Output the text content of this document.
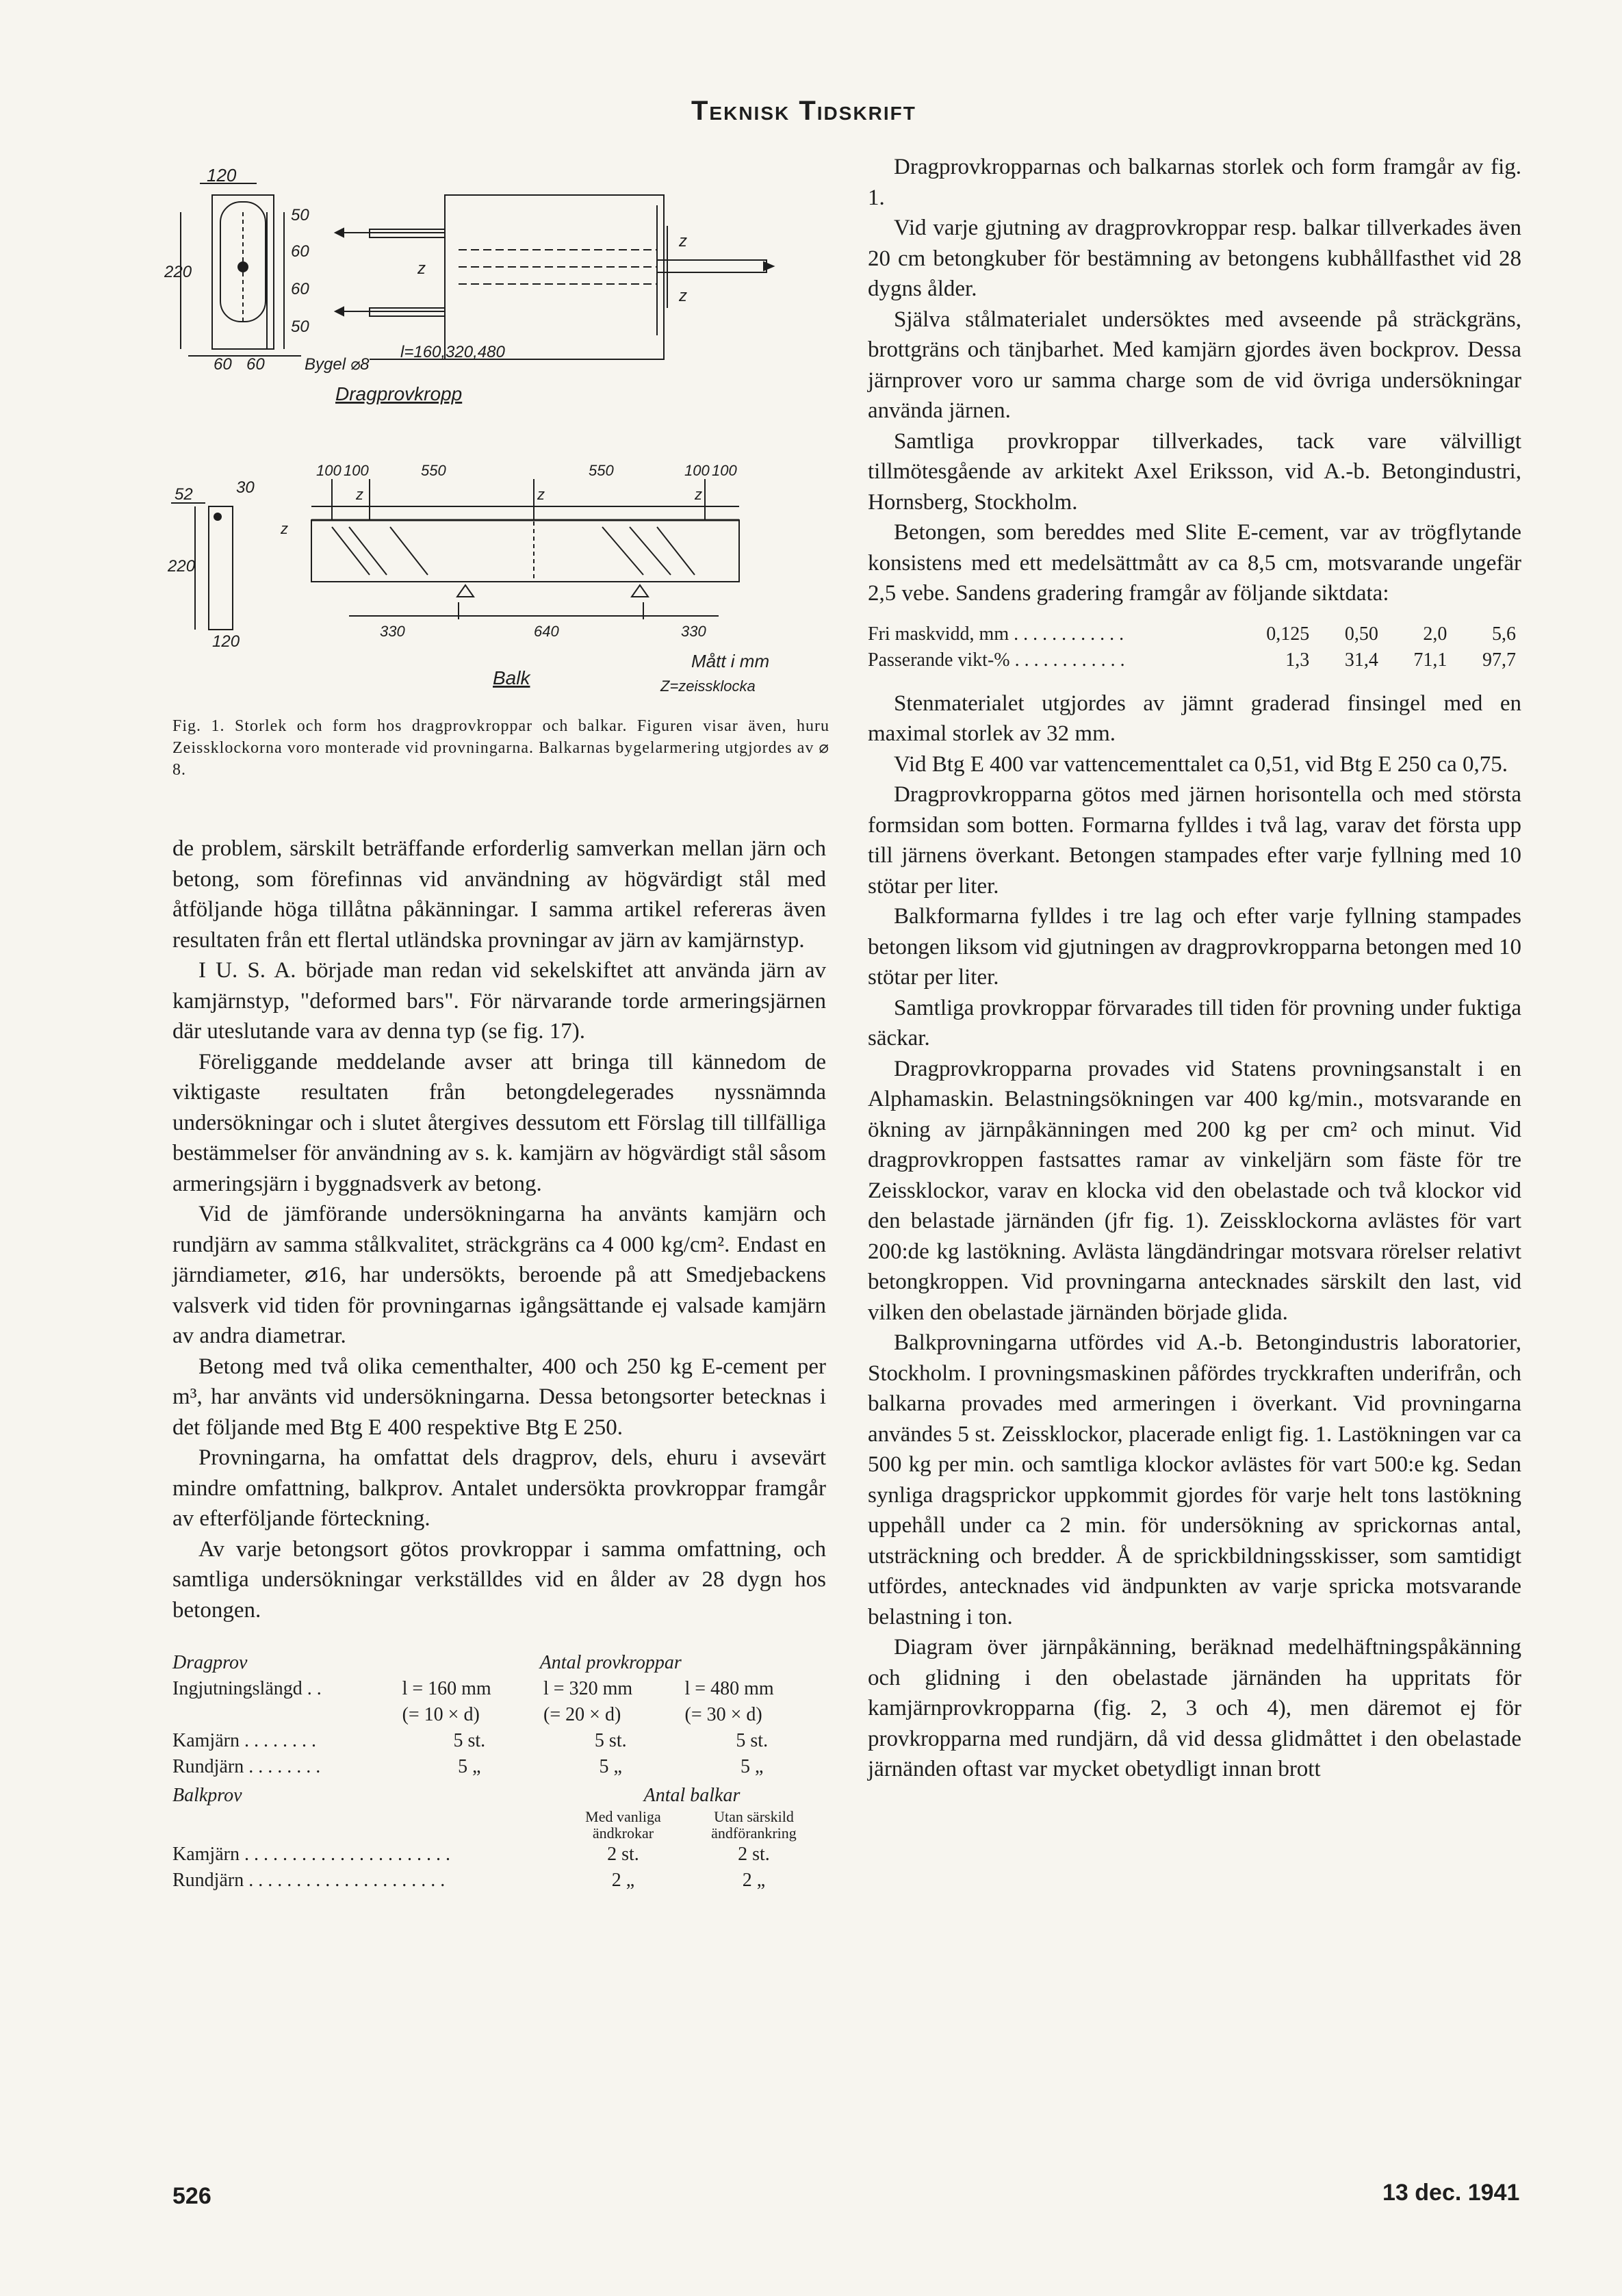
Teknisk Tidskrift
120
50
60
60
50
220
60 60 Bygel ⌀8
z
z
z
l=160,320,480
Dragprovkropp
52	30
220
120
100 100	550	550	100 100
z	z	z
z
330	640	330
Balk
Mått i mm
Z=zeissklocka
Fig. 1. Storlek och form hos dragprovkroppar och balkar. Figuren visar även, huru Zeissklockorna voro monterade vid provningarna. Balkarnas bygelarmering utgjordes av ⌀ 8.

de problem, särskilt beträffande erforderlig samverkan mellan järn och betong, som förefinnas vid användning av högvärdigt stål med åtföljande höga tillåtna påkänningar. I samma artikel refereras även resultaten från ett flertal utländska provningar av järn av kamjärnstyp.

I U. S. A. började man redan vid sekelskiftet att använda järn av kamjärnstyp, "deformed bars". För närvarande torde armeringsjärnen där uteslutande vara av denna typ (se fig. 17).

Föreliggande meddelande avser att bringa till kännedom de viktigaste resultaten från betongdelegerades nyssnämnda undersökningar och i slutet återgives dessutom ett Förslag till tillfälliga bestämmelser för användning av s. k. kamjärn av högvärdigt stål såsom armeringsjärn i byggnadsverk av betong.

Vid de jämförande undersökningarna ha använts kamjärn och rundjärn av samma stålkvalitet, sträckgräns ca 4 000 kg/cm². Endast en järndiameter, ⌀16, har undersökts, beroende på att Smedjebackens valsverk vid tiden för provningarnas igångsättande ej valsade kamjärn av andra diametrar.

Betong med två olika cementhalter, 400 och 250 kg E-cement per m³, har använts vid undersökningarna. Dessa betongsorter betecknas i det följande med Btg E 400 respektive Btg E 250.

Provningarna, ha omfattat dels dragprov, dels, ehuru i avsevärt mindre omfattning, balkprov. Antalet undersökta provkroppar framgår av efterföljande förteckning.

Av varje betongsort götos provkroppar i samma omfattning, och samtliga undersökningar verkställdes vid en ålder av 28 dygn hos betongen.

Dragprov	Antal provkroppar		
Ingjutningslängd . .	l = 160 mm	l = 320 mm	l = 480 mm
	(= 10 × d)	(= 20 × d)	(= 30 × d)
Kamjärn . . . . . . . .	5 st.	5 st.	5 st.
Rundjärn . . . . . . . .	5 „	5 „	5 „
Balkprov	Antal balkar	
	Med vanliga ändkrokar	Utan särskild ändförankring
Kamjärn . . . . . . . . . . . . . . . . . . . . . .	2 st.	2 st.
Rundjärn . . . . . . . . . . . . . . . . . . . . .	2 „	2 „

Dragprovkropparnas och balkarnas storlek och form framgår av fig. 1.

Vid varje gjutning av dragprovkroppar resp. balkar tillverkades även 20 cm betongkuber för bestämning av betongens kubhållfasthet vid 28 dygns ålder.

Själva stålmaterialet undersöktes med avseende på sträckgräns, brottgräns och tänjbarhet. Med kamjärn gjordes även bockprov. Dessa järnprover voro ur samma charge som de vid övriga undersökningar använda järnen.

Samtliga provkroppar tillverkades, tack vare välvilligt tillmötesgående av arkitekt Axel Eriksson, vid A.-b. Betongindustri, Hornsberg, Stockholm.

Betongen, som bereddes med Slite E-cement, var av trögflytande konsistens med ett medelsättmått av ca 8,5 cm, motsvarande ungefär 2,5 vebe. Sandens gradering framgår av följande siktdata:

Fri maskvidd, mm . . . . . . . . . . . .	0,125	0,50	2,0	5,6
Passerande vikt-% . . . . . . . . . . . .	1,3	31,4	71,1	97,7

Stenmaterialet utgjordes av jämnt graderad finsingel med en maximal storlek av 32 mm.

Vid Btg E 400 var vattencementtalet ca 0,51, vid Btg E 250 ca 0,75.

Dragprovkropparna götos med järnen horisontella och med största formsidan som botten. Formarna fylldes i två lag, varav det första upp till järnens överkant. Betongen stampades efter varje fyllning med 10 stötar per liter.

Balkformarna fylldes i tre lag och efter varje fyllning stampades betongen liksom vid gjutningen av dragprovkropparna betongen med 10 stötar per liter.

Samtliga provkroppar förvarades till tiden för provning under fuktiga säckar.

Dragprovkropparna provades vid Statens provningsanstalt i en Alphamaskin. Belastningsökningen var 400 kg/min., motsvarande en ökning av järnpåkänningen med 200 kg per cm² och minut. Vid dragprovkroppen fastsattes ramar av vinkeljärn som fäste för tre Zeissklockor, varav en klocka vid den obelastade och två klockor vid den belastade järnänden (jfr fig. 1). Zeissklockorna avlästes för vart 200:de kg lastökning. Avlästa längdändringar motsvara rörelser relativt betongkroppen. Vid provningarna antecknades särskilt den last, vid vilken den obelastade järnänden började glida.

Balkprovningarna utfördes vid A.-b. Betongindustris laboratorier, Stockholm. I provningsmaskinen påfördes tryckkraften underifrån, och balkarna provades med armeringen i överkant. Vid provningarna användes 5 st. Zeissklockor, placerade enligt fig. 1. Lastökningen var ca 500 kg per min. och samtliga klockor avlästes för vart 500:e kg. Sedan synliga dragsprickor uppkommit gjordes för varje helt tons lastökning uppehåll under ca 2 min. för undersökning av sprickornas antal, utsträckning och bredder. Å de sprickbildningsskisser, som samtidigt utfördes, antecknades vid ändpunkten av varje spricka motsvarande belastning i ton.

Diagram över järnpåkänning, beräknad medelhäftningspåkänning och glidning i den obelastade järnänden ha uppritats för kamjärnprovkropparna (fig. 2, 3 och 4), men däremot ej för provkropparna med rundjärn, då vid dessa glidmåttet i den obelastade järnänden oftast var mycket obetydligt innan brott

526	13 dec. 1941
